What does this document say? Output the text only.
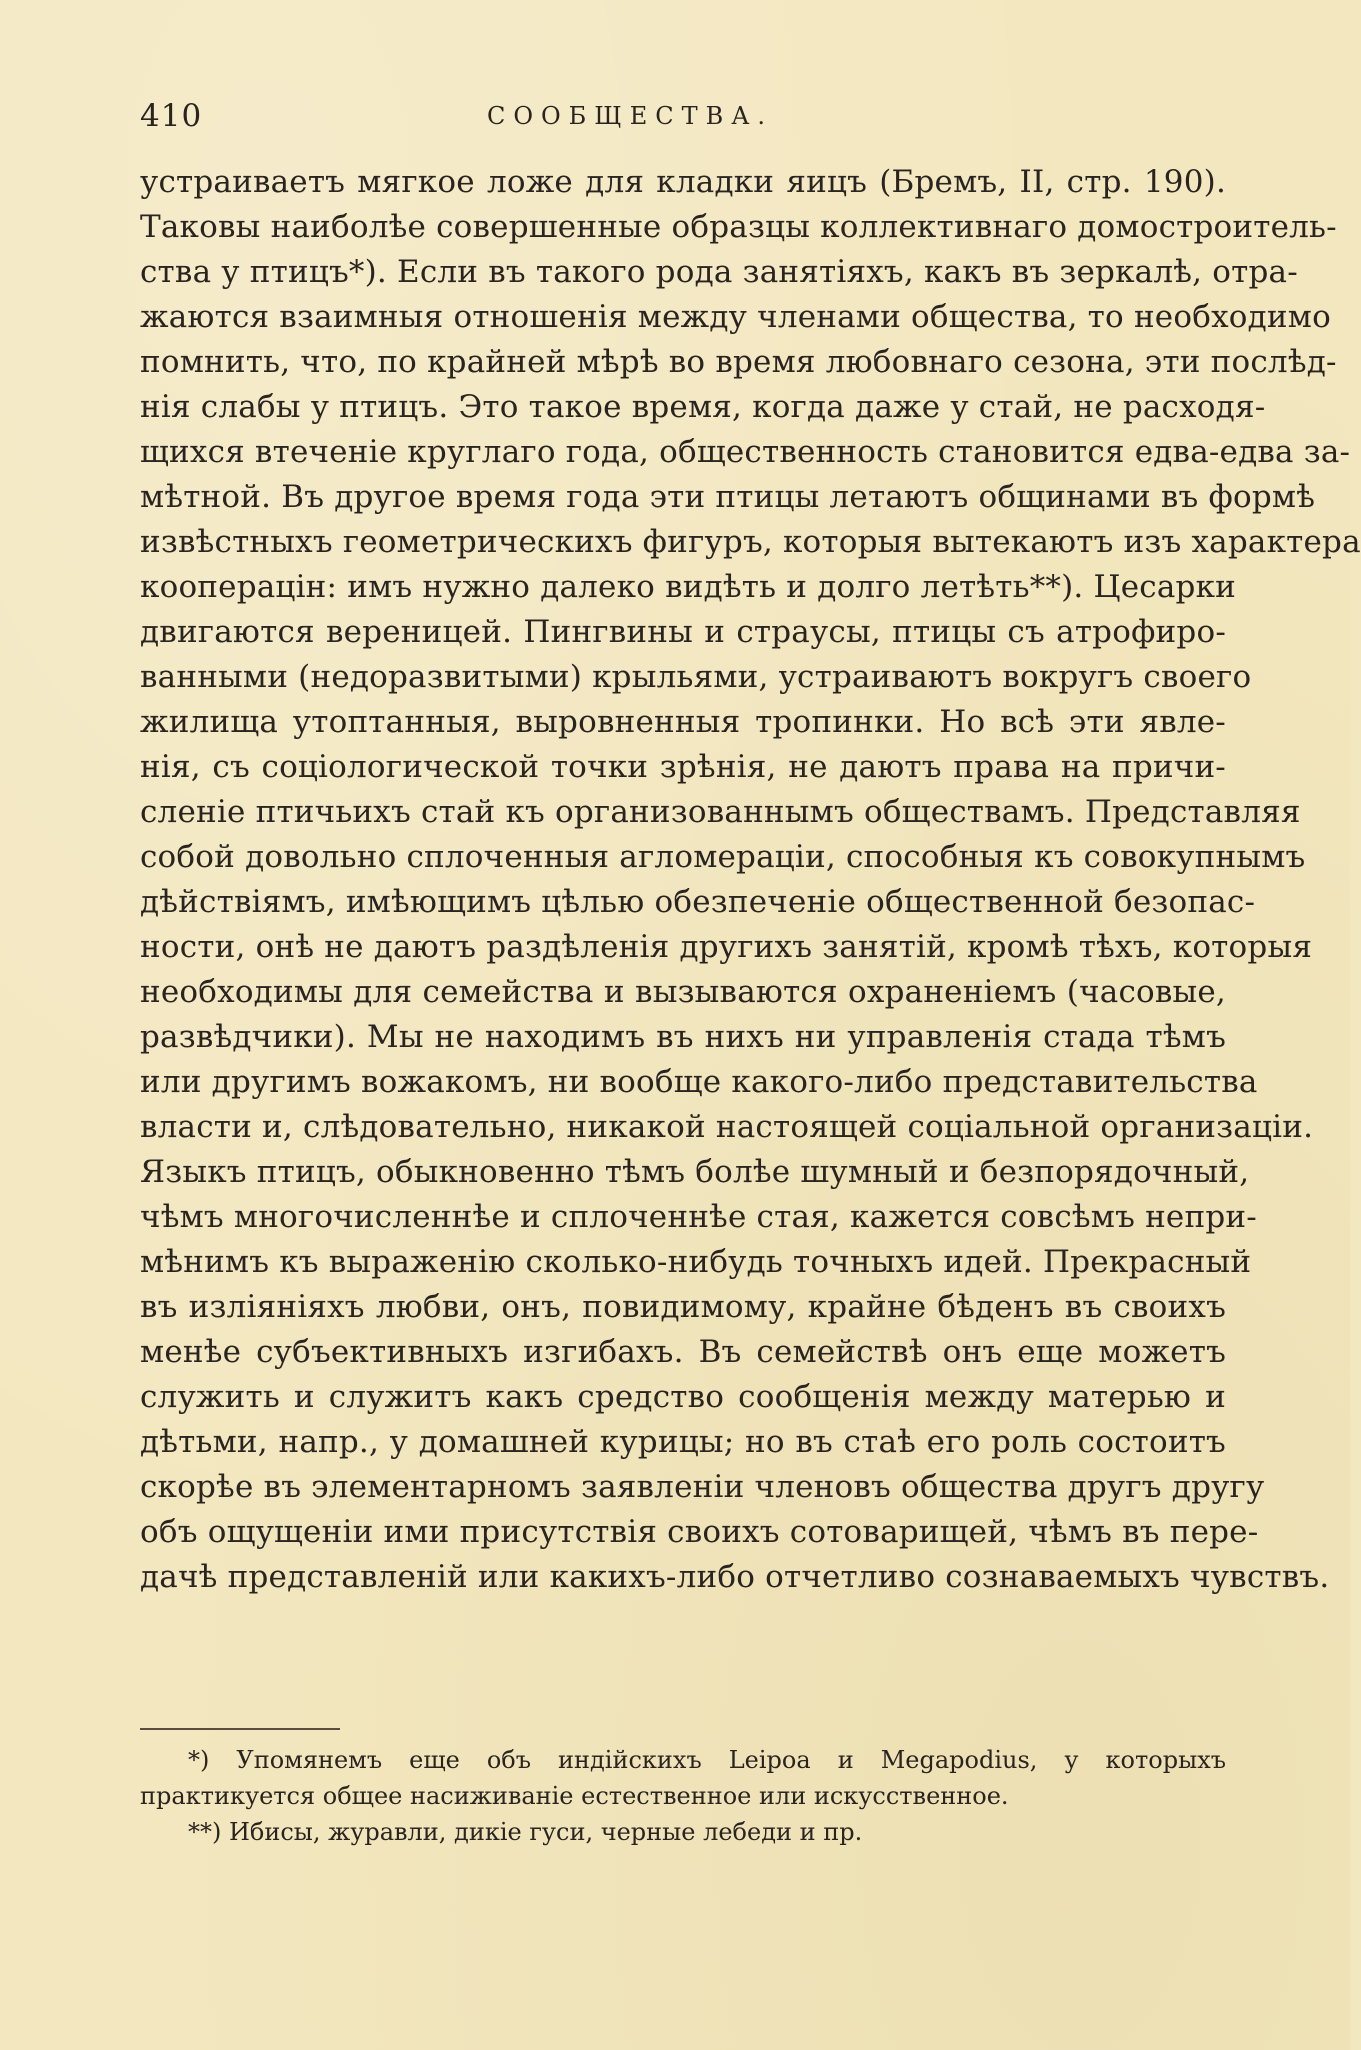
410	СООБЩЕСТВА.
устраиваетъ мягкое ложе для кладки яицъ (Бремъ, II, стр. 190).
Таковы наиболѣе совершенные образцы коллективнаго домостроитель-
ства у птицъ*). Если въ такого рода занятіяхъ, какъ въ зеркалѣ, отра-
жаются взаимныя отношенія между членами общества, то необходимо
помнить, что, по крайней мѣрѣ во время любовнаго сезона, эти послѣд-
нія слабы у птицъ. Это такое время, когда даже у стай, не расходя-
щихся втеченіе круглаго года, общественность становится едва-едва за-
мѣтной. Въ другое время года эти птицы летаютъ общинами въ формѣ
извѣстныхъ геометрическихъ фигуръ, которыя вытекаютъ изъ характера
кооперацін: имъ нужно далеко видѣть и долго летѣть**). Цесарки
двигаются вереницей. Пингвины и страусы, птицы съ атрофиро-
ванными (недоразвитыми) крыльями, устраиваютъ вокругъ своего
жилища утоптанныя, выровненныя тропинки. Но всѣ эти явле-
нія, съ соціологической точки зрѣнія, не даютъ права на причи-
сленіе птичьихъ стай къ организованнымъ обществамъ. Представляя
собой довольно сплоченныя агломераціи, способныя къ совокупнымъ
дѣйствіямъ, имѣющимъ цѣлью обезпеченіе общественной безопас-
ности, онѣ не даютъ раздѣленія другихъ занятій, кромѣ тѣхъ, которыя
необходимы для семейства и вызываются охраненіемъ (часовые,
развѣдчики). Мы не находимъ въ нихъ ни управленія стада тѣмъ
или другимъ вожакомъ, ни вообще какого-либо представительства
власти и, слѣдовательно, никакой настоящей соціальной организаціи.
Языкъ птицъ, обыкновенно тѣмъ болѣе шумный и безпорядочный,
чѣмъ многочисленнѣе и сплоченнѣе стая, кажется совсѣмъ непри-
мѣнимъ къ выраженію сколько-нибудь точныхъ идей. Прекрасный
въ изліяніяхъ любви, онъ, повидимому, крайне бѣденъ въ своихъ
менѣе субъективныхъ изгибахъ. Въ семействѣ онъ еще можетъ
служить и служитъ какъ средство сообщенія между матерью и
дѣтьми, напр., у домашней курицы; но въ стаѣ его роль состоитъ
скорѣе въ элементарномъ заявленіи членовъ общества другъ другу
объ ощущеніи ими присутствія своихъ сотоварищей, чѣмъ въ пере-
дачѣ представленій или какихъ-либо отчетливо сознаваемыхъ чувствъ.
*) Упомянемъ еще объ индійскихъ Leipoa и Megapodius, у которыхъ
практикуется общее насиживаніе естественное или искусственное.
**) Ибисы, журавли, дикіе гуси, черные лебеди и пр.
